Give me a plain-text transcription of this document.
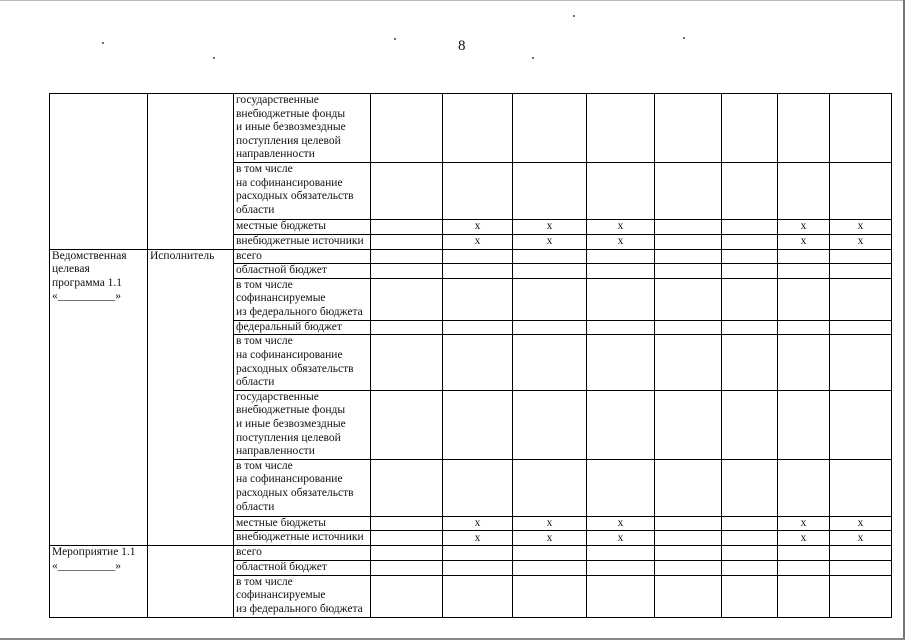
8
		государственные
внебюджетные фонды
и иные безвозмездные
поступления целевой
направленности								
		в том числе
на софинансирование
расходных обязательств
области								
		местные бюджеты		x	x	x			x	x
		внебюджетные источники		x	x	x			x	x
Ведомственная
целевая
программа 1.1
«__________»	Исполнитель	всего								
		областной бюджет								
		в том числе
софинансируемые
из федерального бюджета								
		федеральный бюджет								
		в том числе
на софинансирование
расходных обязательств
области								
		государственные
внебюджетные фонды
и иные безвозмездные
поступления целевой
направленности								
		в том числе
на софинансирование
расходных обязательств
области								
		местные бюджеты		x	x	x			x	x
		внебюджетные источники		x	x	x			x	x
Мероприятие 1.1
«__________»		всего								
		областной бюджет								
		в том числе
софинансируемые
из федерального бюджета								
